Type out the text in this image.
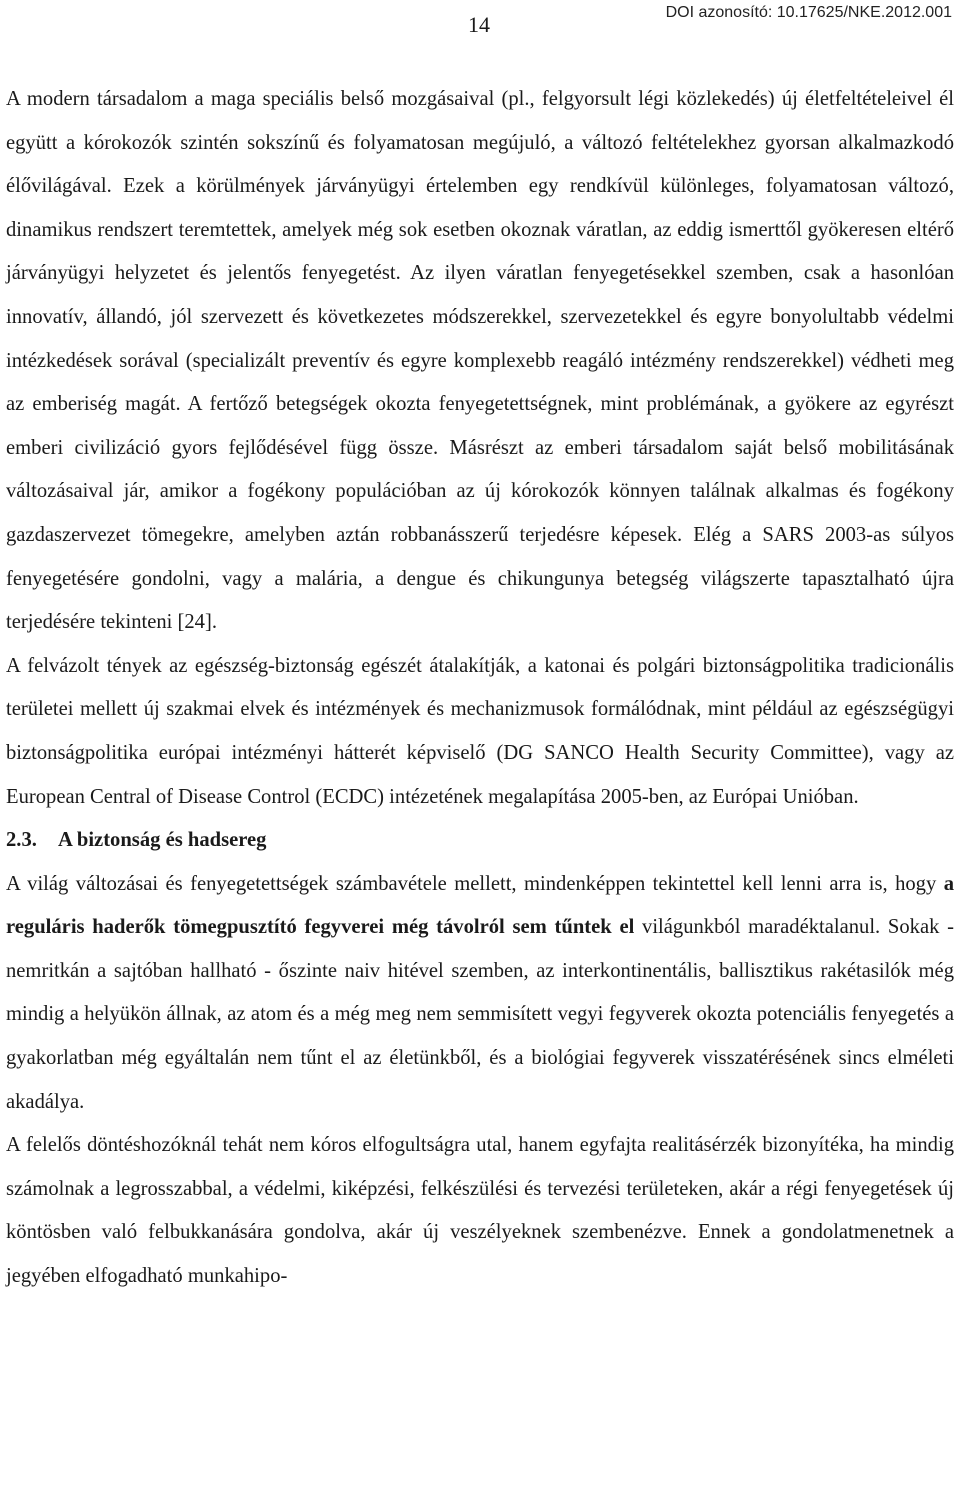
DOI azonosító: 10.17625/NKE.2012.001
14

A modern társadalom a maga speciális belső mozgásaival (pl., felgyorsult légi közlekedés) új életfeltételeivel él együtt a kórokozók szintén sokszínű és folyamatosan megújuló, a változó feltételekhez gyorsan alkalmazkodó élővilágával. Ezek a körülmények járványügyi értelemben egy rendkívül különleges, folyamatosan változó, dinamikus rendszert teremtettek, amelyek még sok esetben okoznak váratlan, az eddig ismerttől gyökeresen eltérő járványügyi helyzetet és jelentős fenyegetést. Az ilyen váratlan fenyegetésekkel szemben, csak a hasonlóan innovatív, állandó, jól szervezett és következetes módszerekkel, szervezetekkel és egyre bonyolultabb védelmi intézkedések sorával (specializált preventív és egyre komplexebb reagáló intézmény rendszerekkel) védheti meg az emberiség magát. A fertőző betegségek okozta fenyegetettségnek, mint problémának, a gyökere az egyrészt emberi civilizáció gyors fejlődésével függ össze. Másrészt az emberi társadalom saját belső mobilitásának változásaival jár, amikor a fogékony populációban az új kórokozók könnyen találnak alkalmas és fogékony gazdaszervezet tömegekre, amelyben aztán robbanásszerű terjedésre képesek. Elég a SARS 2003-as súlyos fenyegetésére gondolni, vagy a malária, a dengue és chikungunya betegség világszerte tapasztalható újra terjedésére tekinteni [24].

A felvázolt tények az egészség-biztonság egészét átalakítják, a katonai és polgári biztonságpolitika tradicionális területei mellett új szakmai elvek és intézmények és mechanizmusok formálódnak, mint például az egészségügyi biztonságpolitika európai intézményi hátterét képviselő (DG SANCO Health Security Committee), vagy az European Central of Disease Control (ECDC) intézetének megalapítása 2005-ben, az Európai Unióban.

2.3. A biztonság és hadsereg

A világ változásai és fenyegetettségek számbavétele mellett, mindenképpen tekintettel kell lenni arra is, hogy a reguláris haderők tömegpusztító fegyverei még távolról sem tűntek el világunkból maradéktalanul. Sokak - nemritkán a sajtóban hallható - őszinte naiv hitével szemben, az interkontinentális, ballisztikus rakétasilók még mindig a helyükön állnak, az atom és a még meg nem semmisített vegyi fegyverek okozta potenciális fenyegetés a gyakorlatban még egyáltalán nem tűnt el az életünkből, és a biológiai fegyverek visszatérésének sincs elméleti akadálya.

A felelős döntéshozóknál tehát nem kóros elfogultságra utal, hanem egyfajta realitásérzék bizonyítéka, ha mindig számolnak a legrosszabbal, a védelmi, kiképzési, felkészülési és tervezési területeken, akár a régi fenyegetések új köntösben való felbukkanására gondolva, akár új veszélyeknek szembenézve. Ennek a gondolatmenetnek a jegyében elfogadható munkahipo-
